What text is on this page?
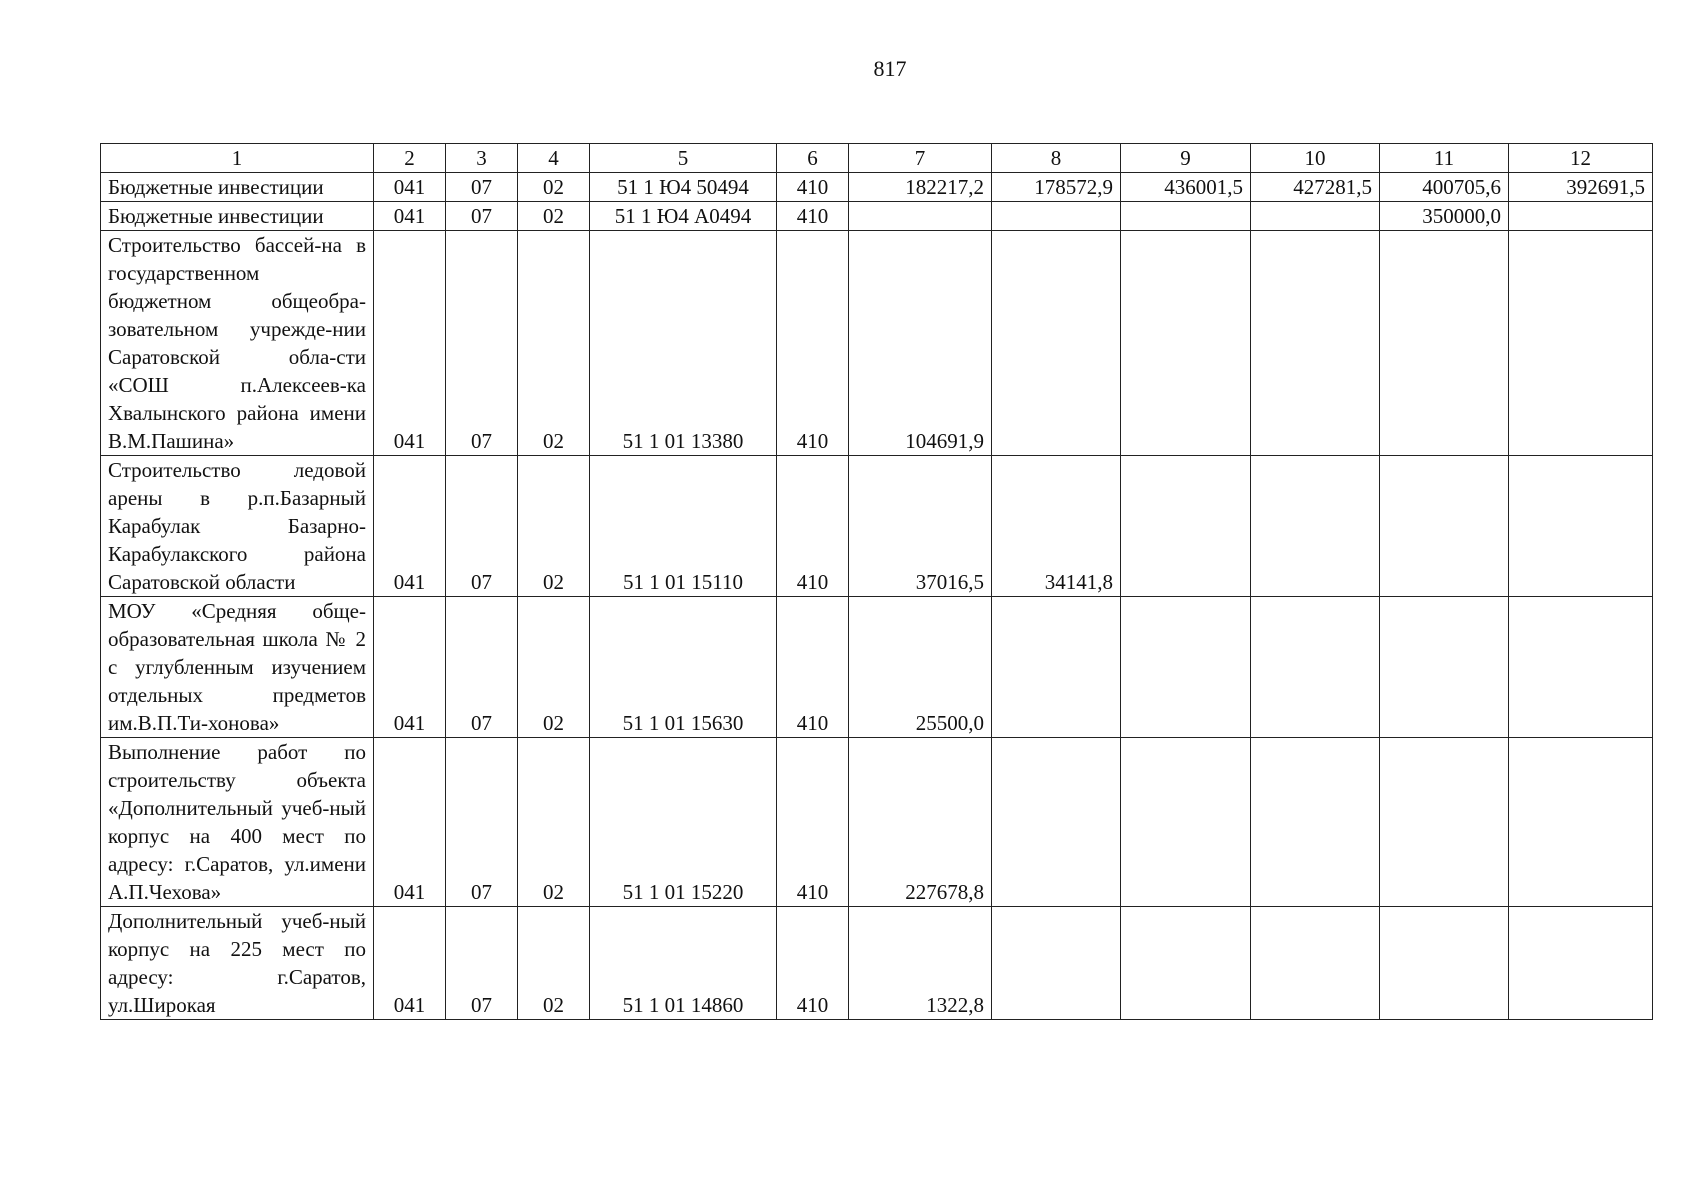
817
1	2	3	4	5	6	7	8	9	10	11	12
Бюджетные инвестиции	041	07	02	51 1 Ю4 50494	410	182217,2	178572,9	436001,5	427281,5	400705,6	392691,5
Бюджетные инвестиции	041	07	02	51 1 Ю4 А0494	410					350000,0	
Строительство бассей-на в государственном бюджетном общеобра-зовательном учрежде-нии Саратовской обла-сти «СОШ п.Алексеев-ка Хвалынского района имени В.М.Пашина»	041	07	02	51 1 01 13380	410	104691,9					
Строительство ледовой арены в р.п.Базарный Карабулак Базарно-Карабулакского района Саратовской области	041	07	02	51 1 01 15110	410	37016,5	34141,8				
МОУ «Средняя обще-образовательная школа № 2 с углубленным изучением отдельных предметов им.В.П.Ти-хонова»	041	07	02	51 1 01 15630	410	25500,0					
Выполнение работ по строительству объекта «Дополнительный учеб-ный корпус на 400 мест по адресу: г.Саратов, ул.имени А.П.Чехова»	041	07	02	51 1 01 15220	410	227678,8					
Дополнительный учеб-ный корпус на 225 мест по адресу: г.Саратов, ул.Широкая	041	07	02	51 1 01 14860	410	1322,8					
